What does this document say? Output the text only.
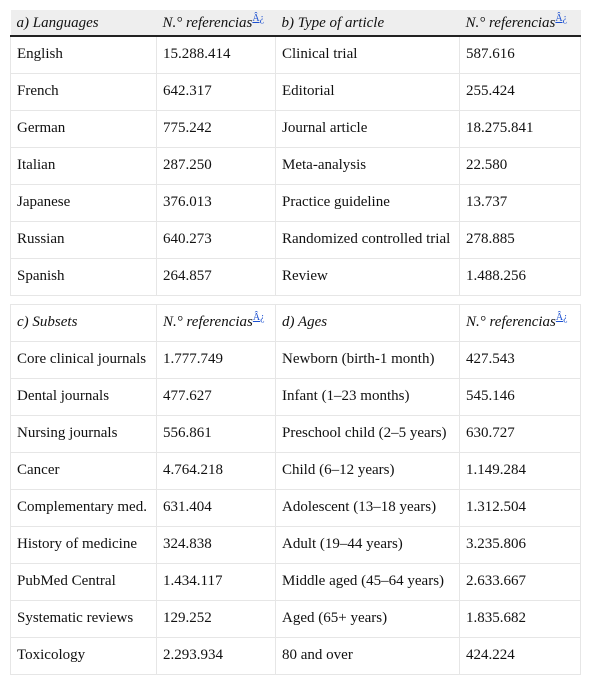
a) Languages	N.° referencias$^{Â¿}$	b) Type of article	N.° referencias$^{Â¿}$
English	15.288.414	Clinical trial	587.616
French	642.317	Editorial	255.424
German	775.242	Journal article	18.275.841
Italian	287.250	Meta-analysis	22.580
Japanese	376.013	Practice guideline	13.737
Russian	640.273	Randomized controlled trial	278.885
Spanish	264.857	Review	1.488.256

c) Subsets	N.° referencias$^{Â¿}$	d) Ages	N.° referencias$^{Â¿}$
Core clinical journals	1.777.749	Newborn (birth-1 month)	427.543
Dental journals	477.627	Infant (1–23 months)	545.146
Nursing journals	556.861	Preschool child (2–5 years)	630.727
Cancer	4.764.218	Child (6–12 years)	1.149.284
Complementary med.	631.404	Adolescent (13–18 years)	1.312.504
History of medicine	324.838	Adult (19–44 years)	3.235.806
PubMed Central	1.434.117	Middle aged (45–64 years)	2.633.667
Systematic reviews	129.252	Aged (65+ years)	1.835.682
Toxicology	2.293.934	80 and over	424.224
